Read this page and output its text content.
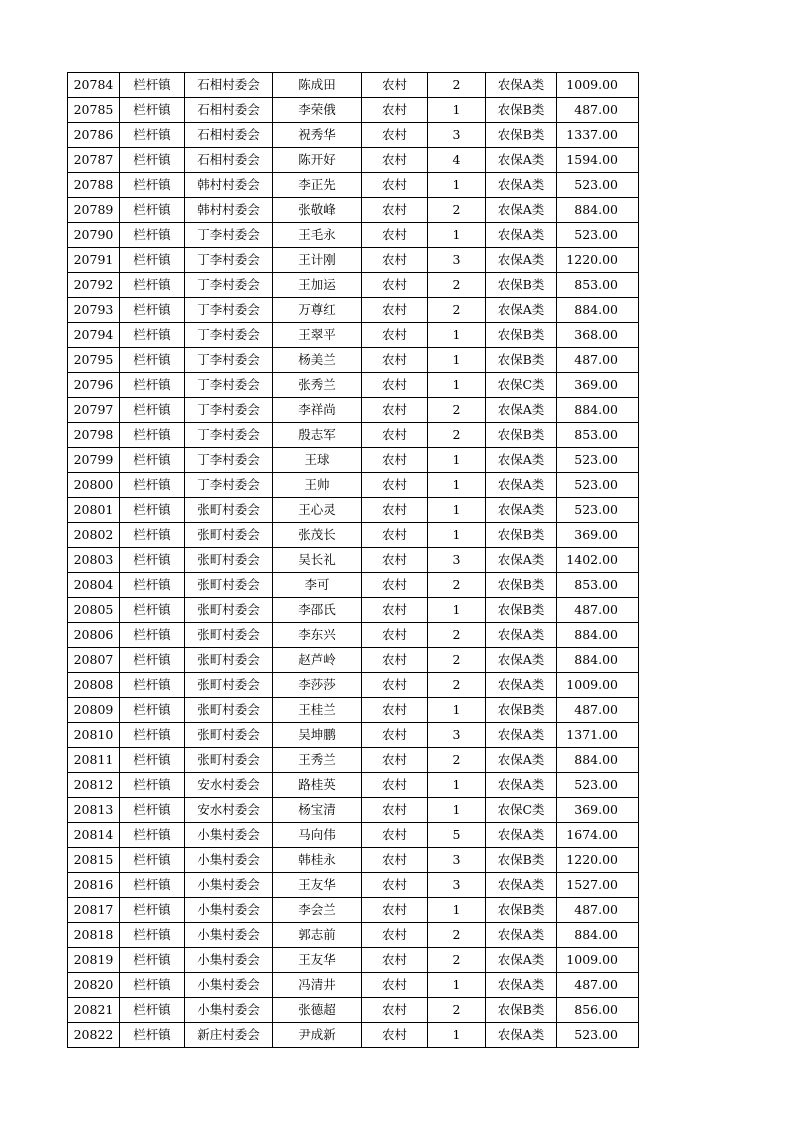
20784	栏杆镇	石相村委会	陈成田	农村	2	农保A类	1009.00
20785	栏杆镇	石相村委会	李荣俄	农村	1	农保B类	487.00
20786	栏杆镇	石相村委会	祝秀华	农村	3	农保B类	1337.00
20787	栏杆镇	石相村委会	陈开好	农村	4	农保A类	1594.00
20788	栏杆镇	韩村村委会	李正先	农村	1	农保A类	523.00
20789	栏杆镇	韩村村委会	张敬峰	农村	2	农保A类	884.00
20790	栏杆镇	丁李村委会	王毛永	农村	1	农保A类	523.00
20791	栏杆镇	丁李村委会	王计刚	农村	3	农保A类	1220.00
20792	栏杆镇	丁李村委会	王加运	农村	2	农保B类	853.00
20793	栏杆镇	丁李村委会	万尊红	农村	2	农保A类	884.00
20794	栏杆镇	丁李村委会	王翠平	农村	1	农保B类	368.00
20795	栏杆镇	丁李村委会	杨美兰	农村	1	农保B类	487.00
20796	栏杆镇	丁李村委会	张秀兰	农村	1	农保C类	369.00
20797	栏杆镇	丁李村委会	李祥尚	农村	2	农保A类	884.00
20798	栏杆镇	丁李村委会	殷志军	农村	2	农保B类	853.00
20799	栏杆镇	丁李村委会	王球	农村	1	农保A类	523.00
20800	栏杆镇	丁李村委会	王帅	农村	1	农保A类	523.00
20801	栏杆镇	张町村委会	王心灵	农村	1	农保A类	523.00
20802	栏杆镇	张町村委会	张茂长	农村	1	农保B类	369.00
20803	栏杆镇	张町村委会	吴长礼	农村	3	农保A类	1402.00
20804	栏杆镇	张町村委会	李可	农村	2	农保B类	853.00
20805	栏杆镇	张町村委会	李邵氏	农村	1	农保B类	487.00
20806	栏杆镇	张町村委会	李东兴	农村	2	农保A类	884.00
20807	栏杆镇	张町村委会	赵芦岭	农村	2	农保A类	884.00
20808	栏杆镇	张町村委会	李莎莎	农村	2	农保A类	1009.00
20809	栏杆镇	张町村委会	王桂兰	农村	1	农保B类	487.00
20810	栏杆镇	张町村委会	吴坤鹏	农村	3	农保A类	1371.00
20811	栏杆镇	张町村委会	王秀兰	农村	2	农保A类	884.00
20812	栏杆镇	安水村委会	路桂英	农村	1	农保A类	523.00
20813	栏杆镇	安水村委会	杨宝清	农村	1	农保C类	369.00
20814	栏杆镇	小集村委会	马向伟	农村	5	农保A类	1674.00
20815	栏杆镇	小集村委会	韩桂永	农村	3	农保B类	1220.00
20816	栏杆镇	小集村委会	王友华	农村	3	农保A类	1527.00
20817	栏杆镇	小集村委会	李会兰	农村	1	农保B类	487.00
20818	栏杆镇	小集村委会	郭志前	农村	2	农保A类	884.00
20819	栏杆镇	小集村委会	王友华	农村	2	农保A类	1009.00
20820	栏杆镇	小集村委会	冯清井	农村	1	农保A类	487.00
20821	栏杆镇	小集村委会	张德超	农村	2	农保B类	856.00
20822	栏杆镇	新庄村委会	尹成新	农村	1	农保A类	523.00
